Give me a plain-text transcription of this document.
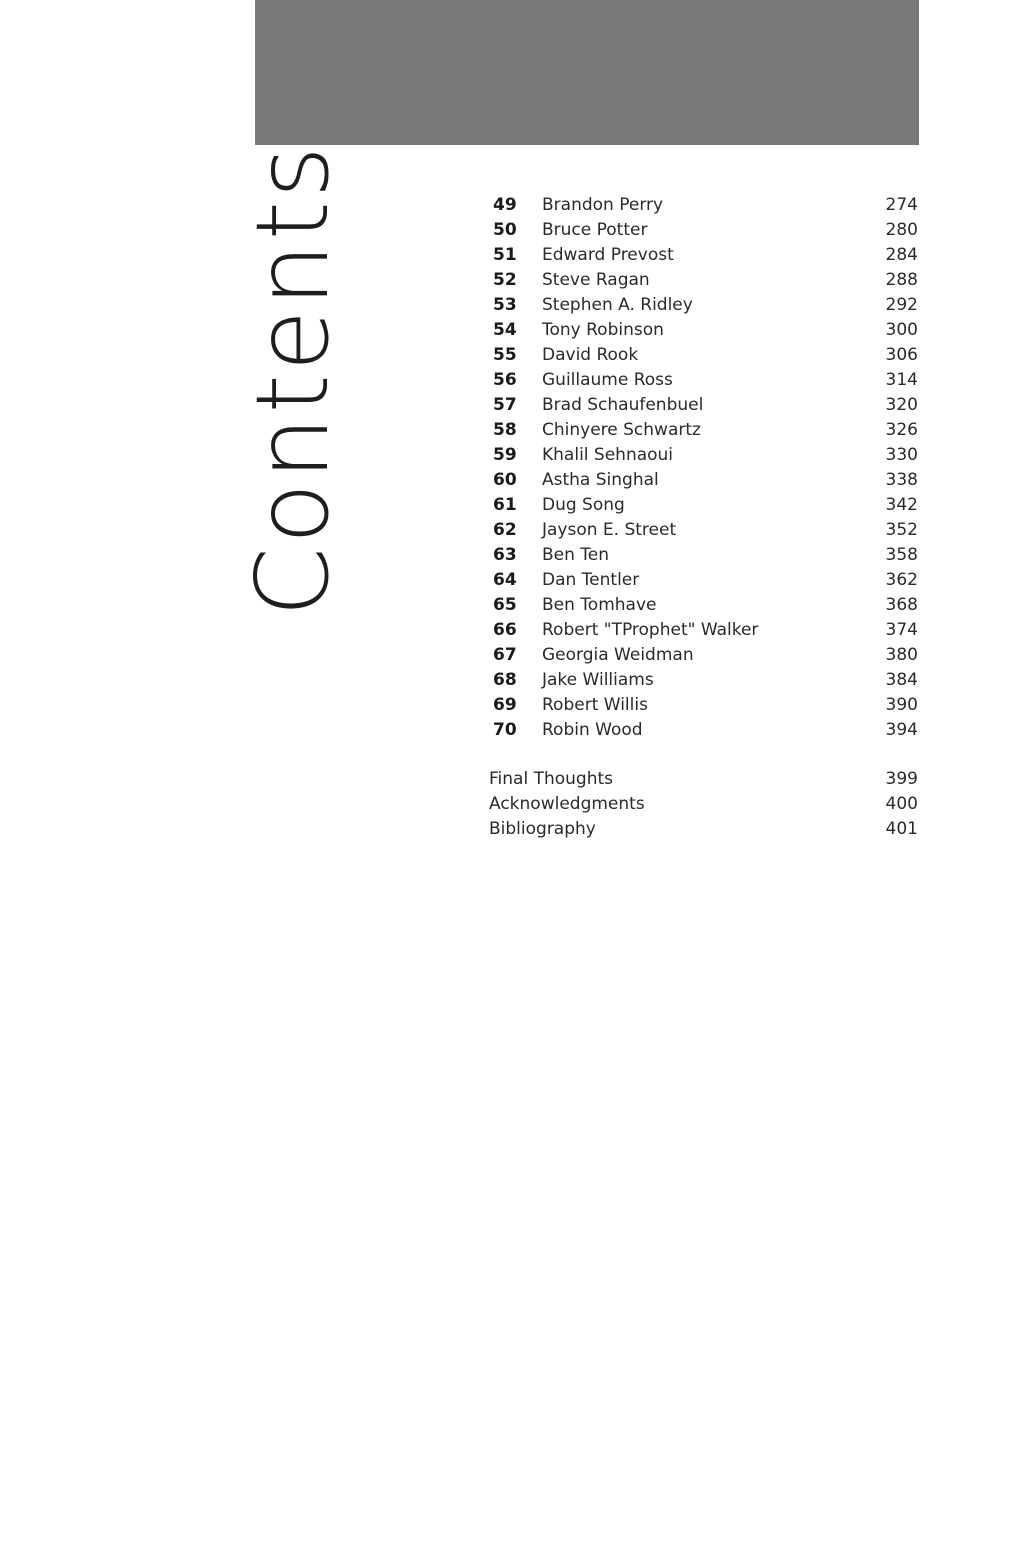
Contents	49 Brandon Perry	274
50 Bruce Potter	280
51 Edward Prevost	284
52 Steve Ragan	288
53 Stephen A. Ridley	292
54 Tony Robinson	300
55 David Rook	306
56 Guillaume Ross	314
57 Brad Schaufenbuel	320
58 Chinyere Schwartz	326
59 Khalil Sehnaoui	330
60 Astha Singhal	338
61 Dug Song	342
62 Jayson E. Street	352
63 Ben Ten	358
64 Dan Tentler	362
65 Ben Tomhave	368
66 Robert "TProphet" Walker	374
67 Georgia Weidman	380
68 Jake Williams	384
69 Robert Willis	390
70 Robin Wood	394
Final Thoughts	399
Acknowledgments	400
Bibliography	401
